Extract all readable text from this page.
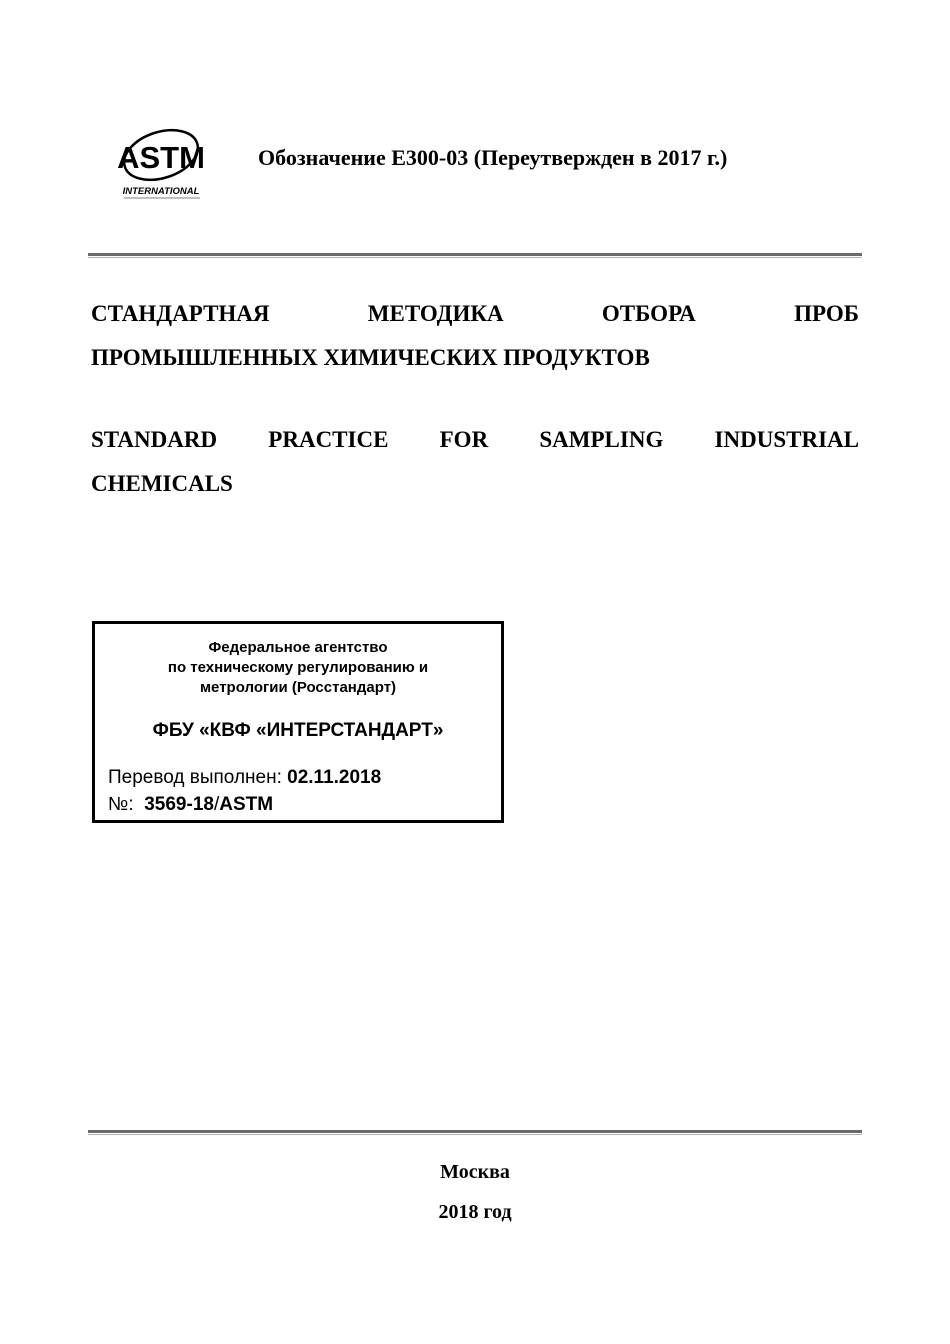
ASTM
INTERNATIONAL
Обозначение E300-03 (Переутвержден в 2017 г.)
СТАНДАРТНАЯ	МЕТОДИКА	ОТБОРА	ПРОБ
ПРОМЫШЛЕННЫХ ХИМИЧЕСКИХ ПРОДУКТОВ
STANDARD PRACTICE FOR SAMPLING INDUSTRIAL
CHEMICALS
Федеральное агентство
по техническому регулированию и
метрологии (Росстандарт)
ФБУ «КВФ «ИНТЕРСТАНДАРТ»
Перевод выполнен: 02.11.2018
№: 3569-18/ASTM
Москва
2018 год
